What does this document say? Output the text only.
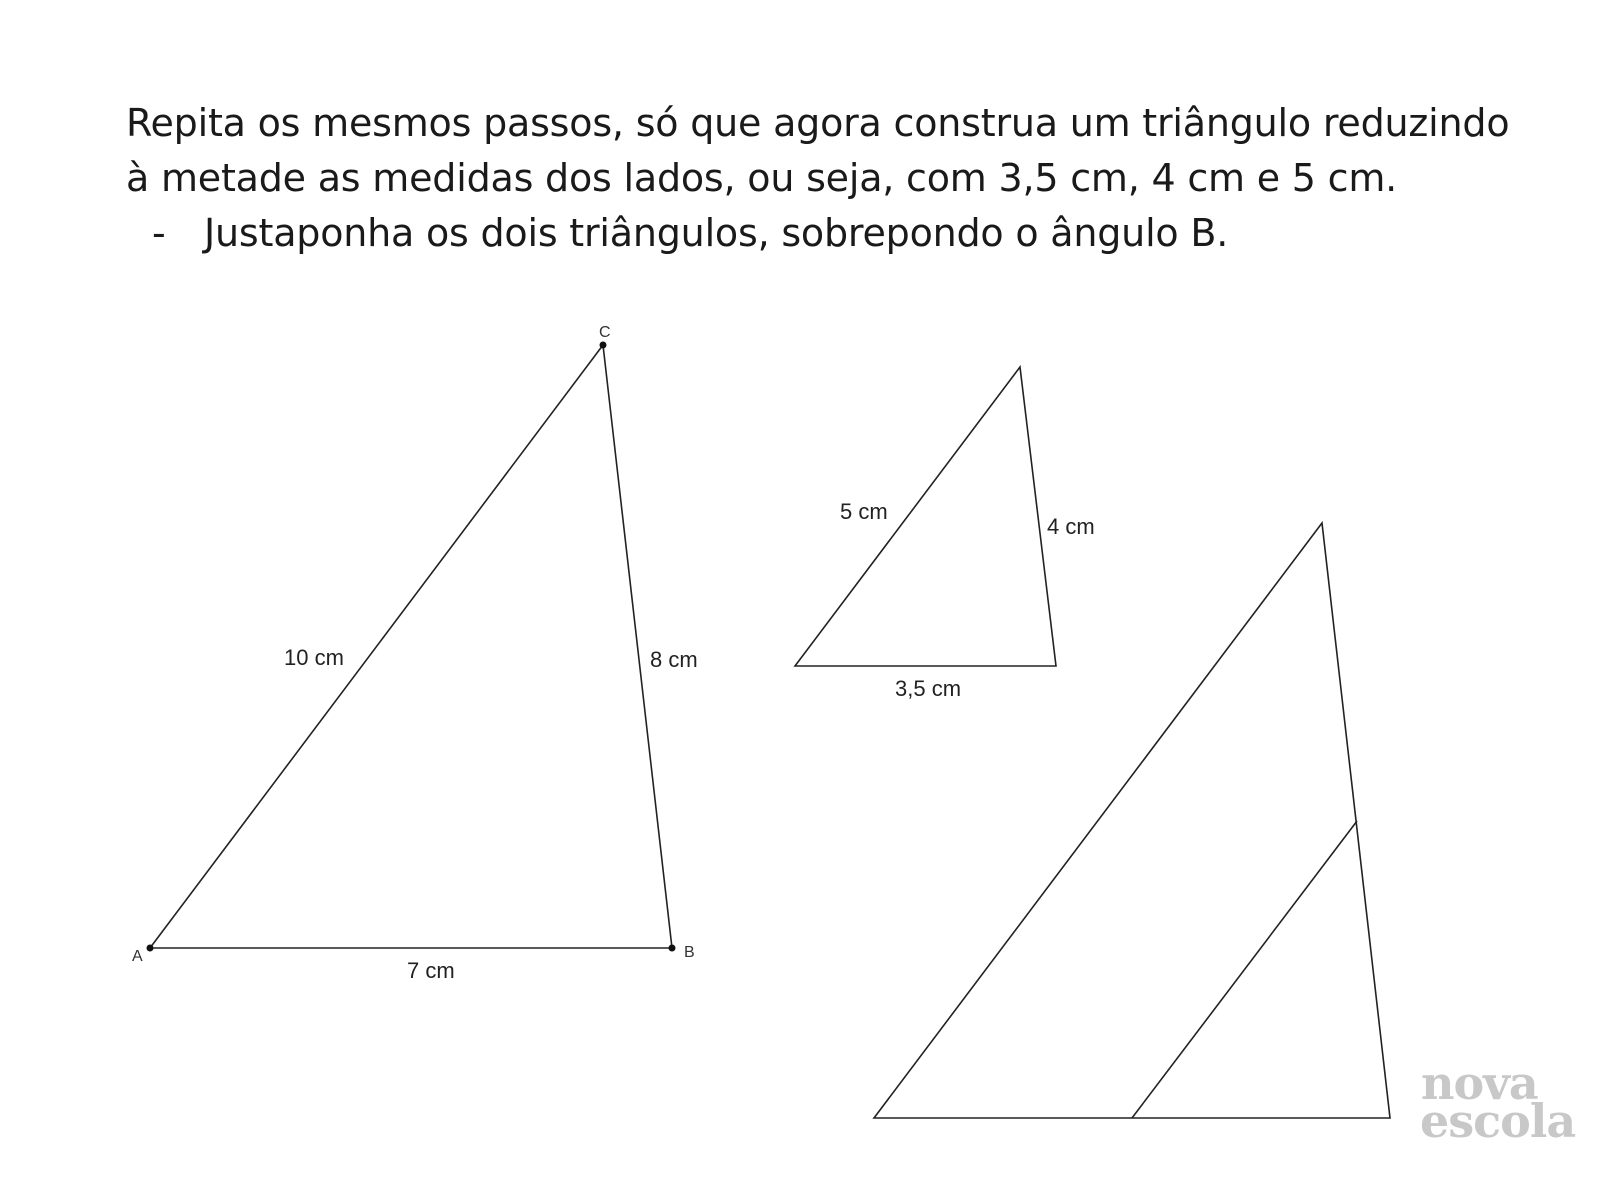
Repita os mesmos passos, só que agora construa um triângulo reduzindo

à metade as medidas dos lados, ou seja, com 3,5 cm, 4 cm e 5 cm.

- Justaponha os dois triângulos, sobrepondo o ângulo B.

A	B
C
7 cm
8 cm
10 cm
3,5 cm
4 cm
5 cm
nova
escola
